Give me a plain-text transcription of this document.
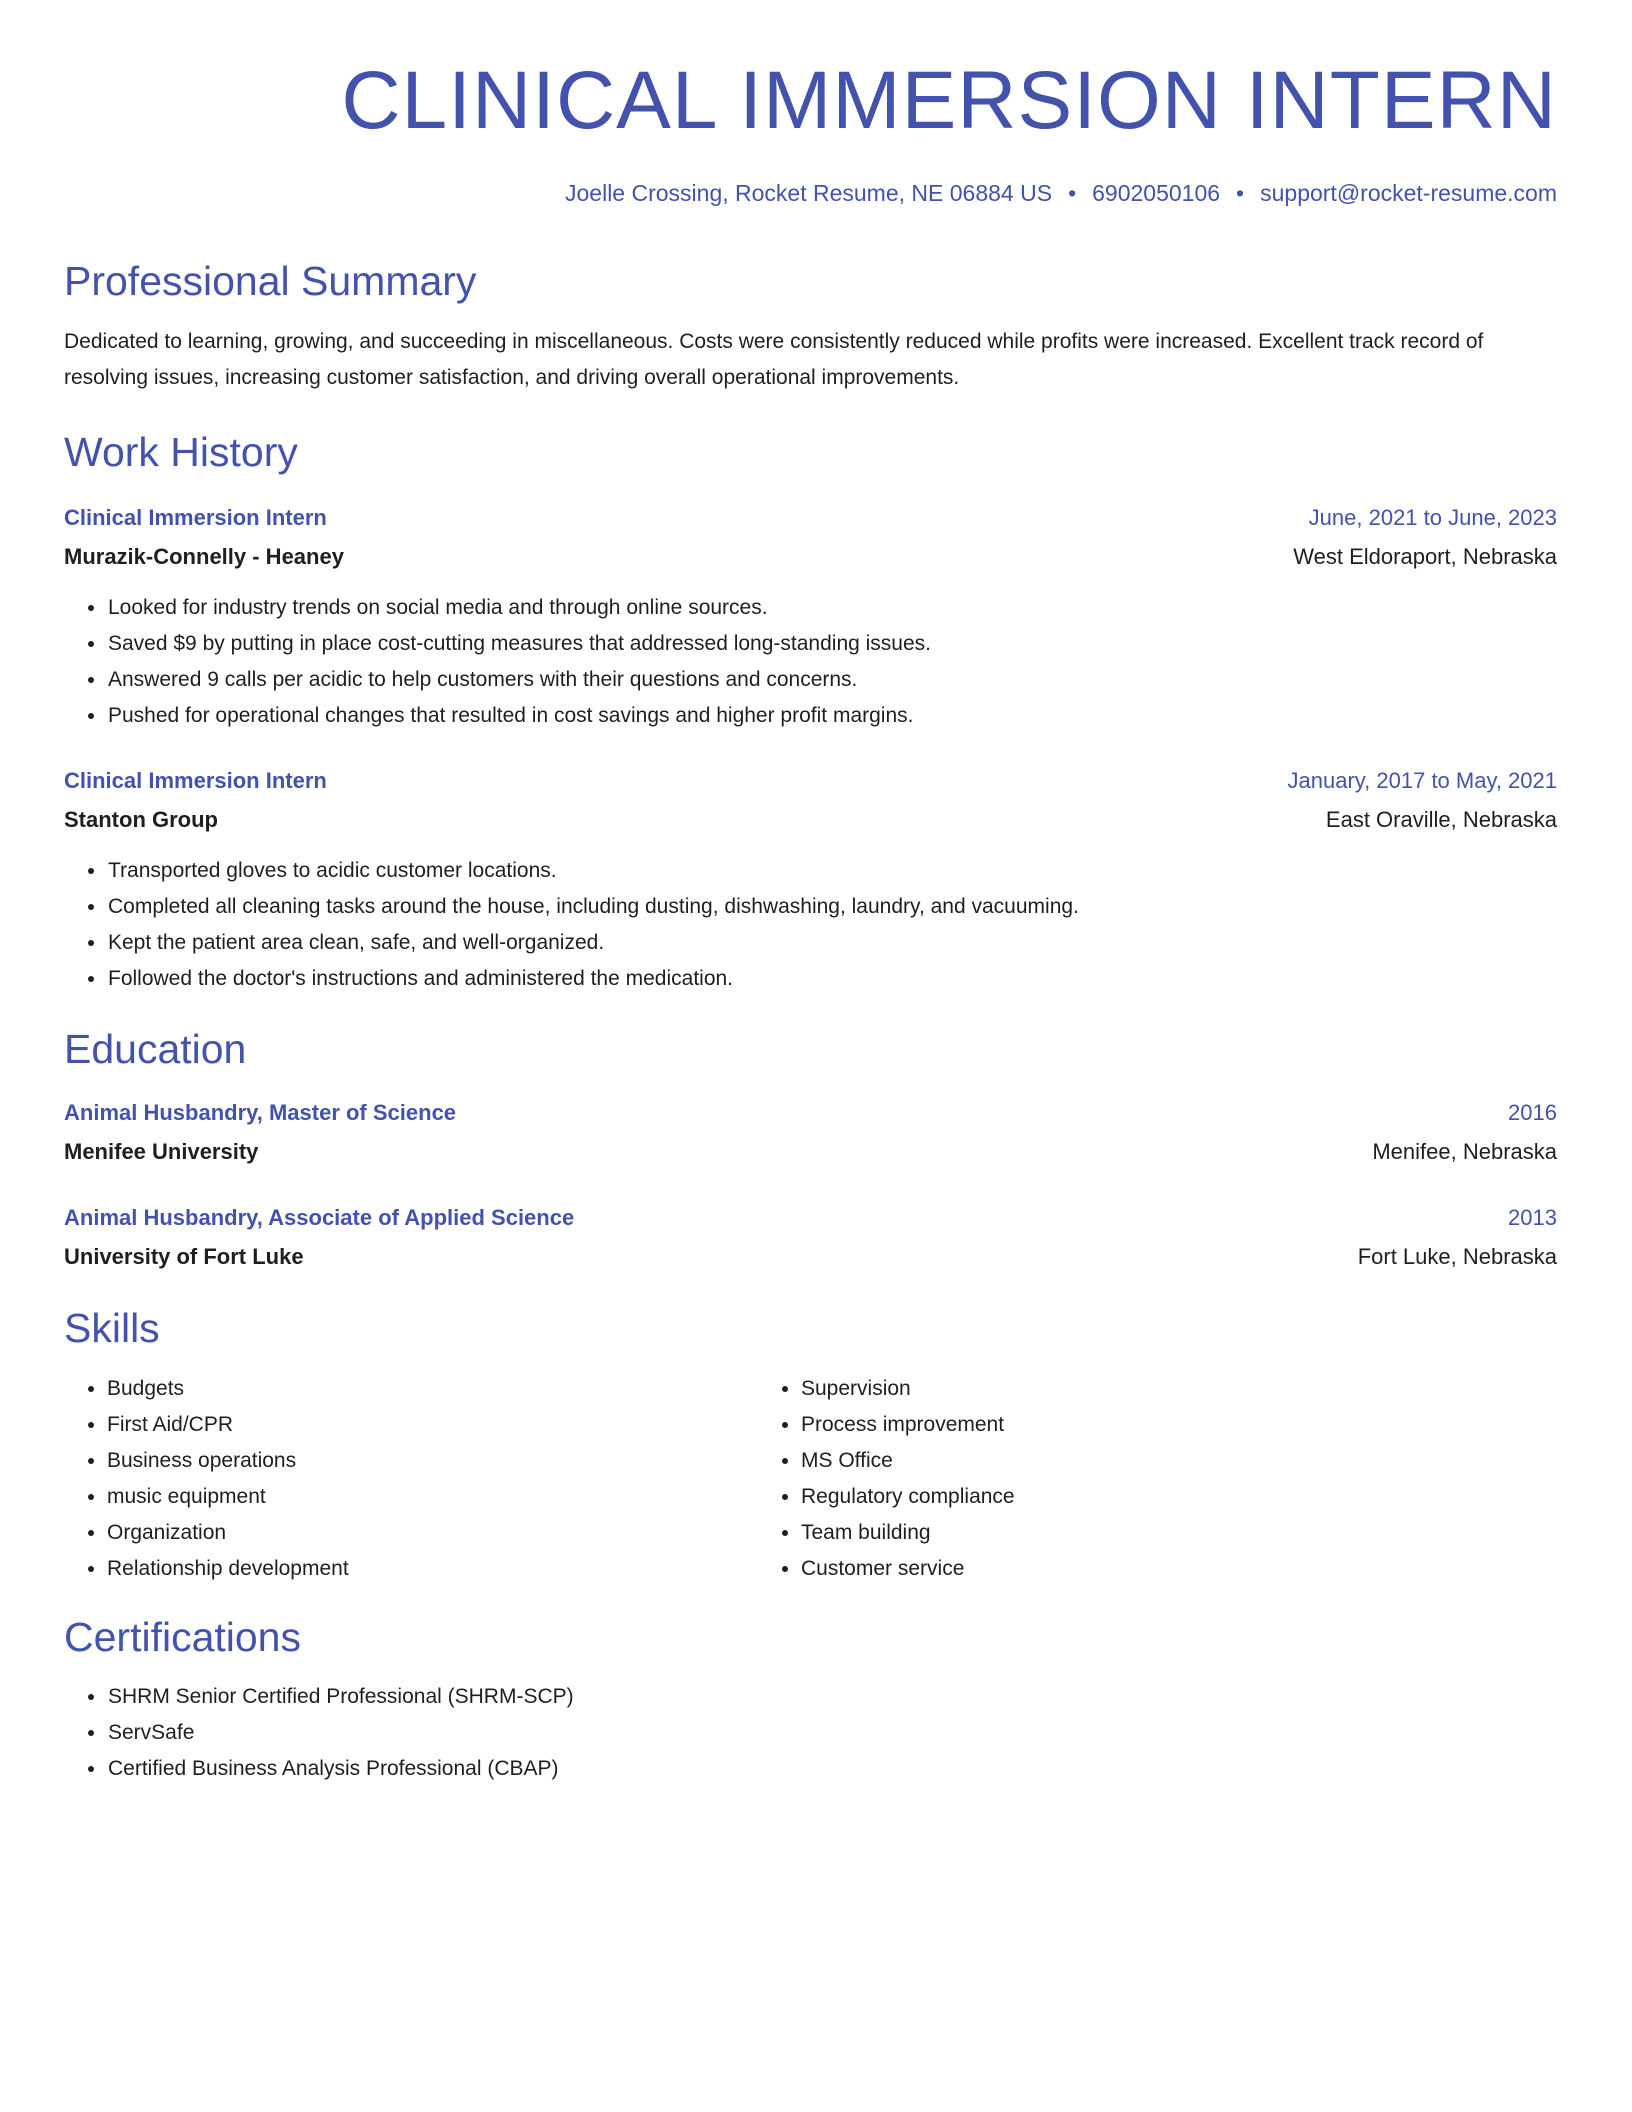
CLINICAL IMMERSION INTERN
Joelle Crossing, Rocket Resume, NE 06884 US • 6902050106 • support@rocket-resume.com
Professional Summary
Dedicated to learning, growing, and succeeding in miscellaneous. Costs were consistently reduced while profits were increased. Excellent track record of resolving issues, increasing customer satisfaction, and driving overall operational improvements.
Work History
Clinical Immersion Intern	June, 2021 to June, 2023
Murazik-Connelly - Heaney	West Eldoraport, Nebraska
• Looked for industry trends on social media and through online sources.
• Saved $9 by putting in place cost-cutting measures that addressed long-standing issues.
• Answered 9 calls per acidic to help customers with their questions and concerns.
• Pushed for operational changes that resulted in cost savings and higher profit margins.
Clinical Immersion Intern	January, 2017 to May, 2021
Stanton Group	East Oraville, Nebraska
• Transported gloves to acidic customer locations.
• Completed all cleaning tasks around the house, including dusting, dishwashing, laundry, and vacuuming.
• Kept the patient area clean, safe, and well-organized.
• Followed the doctor's instructions and administered the medication.
Education
Animal Husbandry, Master of Science	2016
Menifee University	Menifee, Nebraska
Animal Husbandry, Associate of Applied Science	2013
University of Fort Luke	Fort Luke, Nebraska
Skills
• Budgets
• First Aid/CPR
• Business operations
• music equipment
• Organization
• Relationship development
• Supervision
• Process improvement
• MS Office
• Regulatory compliance
• Team building
• Customer service
Certifications
• SHRM Senior Certified Professional (SHRM-SCP)
• ServSafe
• Certified Business Analysis Professional (CBAP)
